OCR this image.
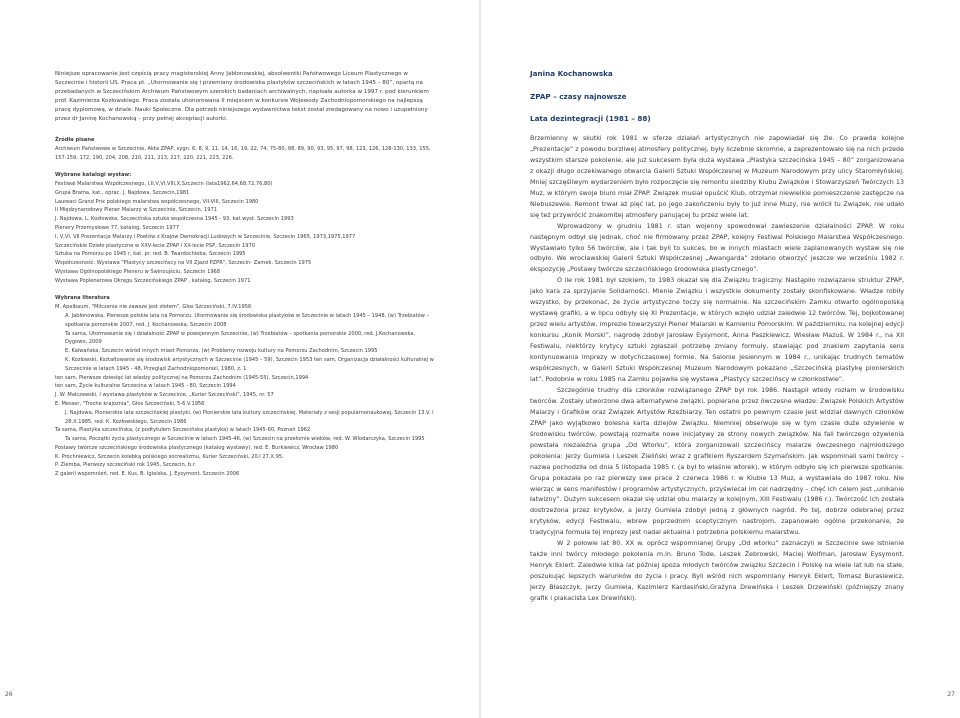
Niniejsze opracowanie jest częścią pracy magisterskiej Anny Jabłonowskiej, absolwentki Państwowego Liceum Plastycznego w Szczecinie i historii US. Praca pt. „Utormowanie się i przemiany środowiska plastyków szczecińskich w latach 1945 – 80”, opartą na przebadanych w Szczecińskim Archiwum Państwowym szerokich badaniach archiwalnych, napisała autorka w 1997 r. pod kierunkiem prof. Kazimierza Kozłowskiego. Praca została uhonorowana II miejscem w konkursie Wojewody Zachodniopomorskiego na najlepszą pracę dyplomową, w dziale: Nauki Społeczne. Dla potrzeb niniejszego wydawnictwa tekst został zredagowany na nowo i uzupełniony przez dr Janinę Kochanowską – przy pełnej akceptacji autorki.

Źródła pisane

Archiwum Państwowe w Szczecinie, Akta ZPAP, sygn. 6, 8, 9, 11, 14, 16, 19, 22, 74, 75-80, 88, 89, 90, 93, 95, 97, 98, 123, 126, 128-130, 133, 155, 157-159, 172, 190, 204, 208, 210, 211, 213, 217, 220, 221, 223, 226.

Wybrane katalogi wystaw:

Festiwal Malarstwa Współczesnego, I,II,V,VI,VIII,X,Szczecin (lata1962,64,68,72,76,80)

Grupa Brama, kat., oprac. J. Najdowa, Szczecin,1981

Laureaci Grand Prix polskiego malarstwa współczesnego, VII-VIII, Szczecin 1980

II Międzynarodowy Plener Malarzy w Szczecinie, Szczecin, 1971

J. Najdowa, L. Kozłowska, Szczecińska sztuka współczesna 1945 - 93, kat.wyst. Szczecin 1993

Plenery Przemysłowe 77, katalog, Szczecin 1977

I, V,VI, VII Prezentacja Malarzy i Poetów z Krajów Demokracji Ludowych w Szczecinie, Szczecin 1965, 1973,1975,1977

Szczecińskie Dzieło plastyczne w XXV-lecie ZPAP i XX-lecie PSP, Szczecin 1970

Sztuka na Pomorzu po 1945 r, kat. pr. red. B. Twardochleba, Szczecin 1995

Współczesność. Wystawa "Plastycy szczecińscy na VII Zjazd PZPR", Szczecin- Zamek, Szczecin 1975

Wystawa Ogólnopolskiego Pleneru w Świnoujściu, Szczecin 1968

Wystawa Poplenerowa Okręgu Szczecińskiego ZPAP , katalog, Szczecin 1971

Wybrana literatura

M. Apelbaum, "Milczenie nie zawsze jest złotem", Głos Szczeciński, 7.IV.1956

A. Jabłonowska, Pierwsze polskie lata na Pomorzu. Utormowanie się środowiska plastyków w Szczecinie w latach 1945 – 1948, (w) Trzebiatów – spotkania pomorskie 2007, red. J. Kochanowska, Szczecin 2008

Ta sama, Utormowanie się i działalność ZPAP w powojennym Szczecinie, (w) Trzebiatów – spotkania pomorskie 2000, red. J.Kochanowska, Dygowo, 2009

E. Kalwańska, Szczecin wśród innych miast Pomorza, (w) Problemy rozwoju kultury na Pomorzu Zachodnim, Szczecin 1995

K. Kozłowski, Kształtowanie się środowisk artystycznych w Szczecinie (1945 – 59), Szczecin 1953 ten sam, Organizacja działalności kulturalnej w Szczecinie w latach 1945 - 48, Przegląd Zachodniopomorski, 1980, z. 1

ten sam, Pierwsze dziesięć lat władzy politycznej na Pomorzu Zachodnim (1945-55), Szczecin,1994

ten sam, Życie kulturalne Szczecina w latach 1945 - 80, Szczecin 1994

J. W. Malczewski, I wystawa plastyków w Szczecinie, „Kurier Szczeciński”, 1945, nr. 57

E. Messer, "Troche krajoznia", Głos Szczeciński, 5-6.V.1956

J. Najdowa, Pionierskie lata szczecińskiej plastyki, (w) Pionierskie lata kultury szczecińskiej. Materiały z sesji popularnonaukowej, Szczecin 13.V. i 28.X.1985, red. K. Kozłowskiego, Szczecin 1986

Ta sama, Plastyka szczecińska, (z podtytułem Szczecińska plastyka) w latach 1945-60, Poznań 1962

Ta sama, Początki życia plastycznego w Szczecinie w latach 1945-46, (w) Szczecin na przełomie wieków, red. W. Wlodarczyka, Szczecin 1995

Postawy twórcze szczecińskiego środowiska plastycznego (katalog wystawy), red. E. Burkiewicz, Wrocław 1980

K. Próchniewicz, Szczecin kolebką polskiego socrealizmu, Kurier Szczeciński, 20.I 27.X.95.

P. Ziemba, Pierwszy szczeciński rok 1945, Szczecin, b.r.

Z galerii wspomnień, red. E. Kus, B. Igielska, J. Eysymont. Szczecin 2006

26
Janina Kochanowska
ZPAP – czasy najnowsze
Lata dezintegracji (1981 – 88)

Brzemienny w skutki rok 1981 w sferze działań artystycznych nie zapowiadał się źle. Co prawda kolejne „Prezentacje” z powodu burzliwej atmosfery politycznej, były liczebnie skromne, a zaprezentowało się na nich przede wszystkim starsze pokolenie, ale już sukcesem była duża wystawa „Plastyka szczecińska 1945 – 80” zorganizowana z okazji długo oczekiwanego otwarcia Galerii Sztuki Współczesnej w Muzeum Narodowym przy ulicy Staromłyńskiej. Mniej szczęśliwym wydarzeniem było rozpoczęcie się remontu siedziby Klubu Związków i Stowarzyszeń Twórczych 13 Muz, w którym swoje biuro miał ZPAP. Związek musiał opuścić Klub, otrzymał niewielkie pomieszczenie zastępcze na Niebuszewie. Remont trwał aż pięć lat, po jego zakończeniu były to już inne Muzy, nie wrócił tu Związek, nie udało się też przywrócić znakomitej atmosfery panującej tu przez wiele lat.

Wprowadzony w grudniu 1981 r. stan wojenny spowodował zawieszenie działalności ZPAP. W roku następnym odbył się jednak, choć nie firmowany przez ZPAP, kolejny Festiwal Polskiego Malarstwa Współczesnego. Wystawiało tylko 56 twórców, ale i tak byli to sukces, bo w innych miastach wiele zaplanowanych wystaw się nie odbyło. We wrocławskiej Galerii Sztuki Współczesnej „Awangarda” zdołano otworzyć jeszcze we wrześniu 1982 r. ekspozycję „Postawy twórcze szczecińskiego środowiska plastycznego”.

O ile rok 1981 był szokiem, to 1983 okazał się dla Związku tragiczny. Nastąpiło rozwiązanie struktur ZPAP, jako kara za sprzyjanie Solidarności. Mienie Związku i wszystkie dokumenty zostały skonfiskowane. Władze robiły wszystko, by przekonać, że życie artystyczne toczy się normalnie. Na szczecińskim Zamku otwarto ogólnopolską wystawę grafiki, a w lipcu odbyły się XI Prezentacje, w których wzięło udział zaledwie 12 twórców. Tej, bojkotowanej przez wielu artystów, imprezie towarzyszył Plener Malarski w Kamieniu Pomorskim. W październiku, na kolejnej edycji konkursu „Konik Morski”, nagrodę zdobył Jarosław Eysymont, Anna Paszkiewicz, Wiesław Mazuś. W 1984 r., na XII Festiwalu, niektórzy krytycy sztuki zgłaszali potrzebę zmiany formuły, stawiając pod znakiem zapytania sens kontynuowania imprezy w dotychczasowej formie. Na Salonie Jesiennym w 1984 r., unikając trudnych tematów współczesnych, w Galerii Sztuki Współczesnej Muzeum Narodowym pokazano „Szczecińską plastykę pionierskich lat”. Podobnie w roku 1985 na Zamku pojawiła się wystawa „Plastycy szczecińscy w członkostwie”.

Szczególnie trudny dla członków rozwiązanego ZPAP był rok 1986. Nastąpił wtedy rozłam w środowisku twórców. Zostały utworzone dwa alternatywne związki, popierane przez ówczesne władze: Związek Polskich Artystów Malarzy i Grafików oraz Związek Artystów Rzeźbiarzy. Ten ostatni po pewnym czasie jest widział dawnych członków ZPAP jako wyjątkowo bolesna karta dziejów Związku. Niemniej obserwuje się w tym czasie duże ożywienie w środowisku twórców, powstają rozmaite nowe inicjatywy ze strony nowych związków. Na fali twórczego ożywienia powstała niezależna grupa „Od Wtorku”, która zorganizowali szczecińscy malarze ówczesnego najmłodszego pokolenia: Jerzy Gumiela i Leszek Zieliński wraz z grafikiem Ryszardem Szymańskim. Jak wspominali sami twórcy – nazwa pochodziła od dnia 5 listopada 1985 r. (a był to właśnie wtorek), w którym odbyło się ich pierwsze spotkanie. Grupa pokazała po raz pierwszy swe prace 2 czerwca 1986 r. w Klubie 13 Muz, a wystawiała do 1987 roku. Nie wierząc w sens manifestów i programów artystycznych, przyświecał im cel nadrzędny – chęć ich celem jest „unikanie łatwizny”. Dużym sukcesem okazał się udział obu malarzy w kolejnym, XIII Festiwalu (1986 r.). Twórczość ich została dostrzeżona przez krytyków, a Jerzy Gumiela zdobył jedną z głównych nagród. Po tej, dobrze odebranej przez krytyków, edycji Festiwalu, wbrew poprzednim sceptycznym nastrojom, zapanowało ogólne przekonanie, że tradycyjna formuła tej imprezy jest nadal aktualna i potrzebna polskiemu malarstwu.

W 2 połowie lat 80. XX w. oprócz wspomnianej Grupy „Od wtorku” zaznaczyli w Szczecinie swe istnienie także inni twórcy młodego pokolenia m.in. Bruno Tode, Leszek Żebrowski, Maciej Wolfman, Jarosław Eysymont, Henryk Eklert. Zaledwie kilka lat później spoza młodych twórców związku Szczecin i Polskę na wiele lat lub na stałe, poszukując lepszych warunków do życia i pracy. Byli wśród nich wspomniany Henryk Eklert, Tomasz Burasiewicz, Jerzy Błaszczyk, Jerzy Gumiela, Kazimierz Kardasiński,Grażyna Drewińska i Leszek Drzewiński (późniejszy znany grafik i plakacista Lex Drewiński).

27
